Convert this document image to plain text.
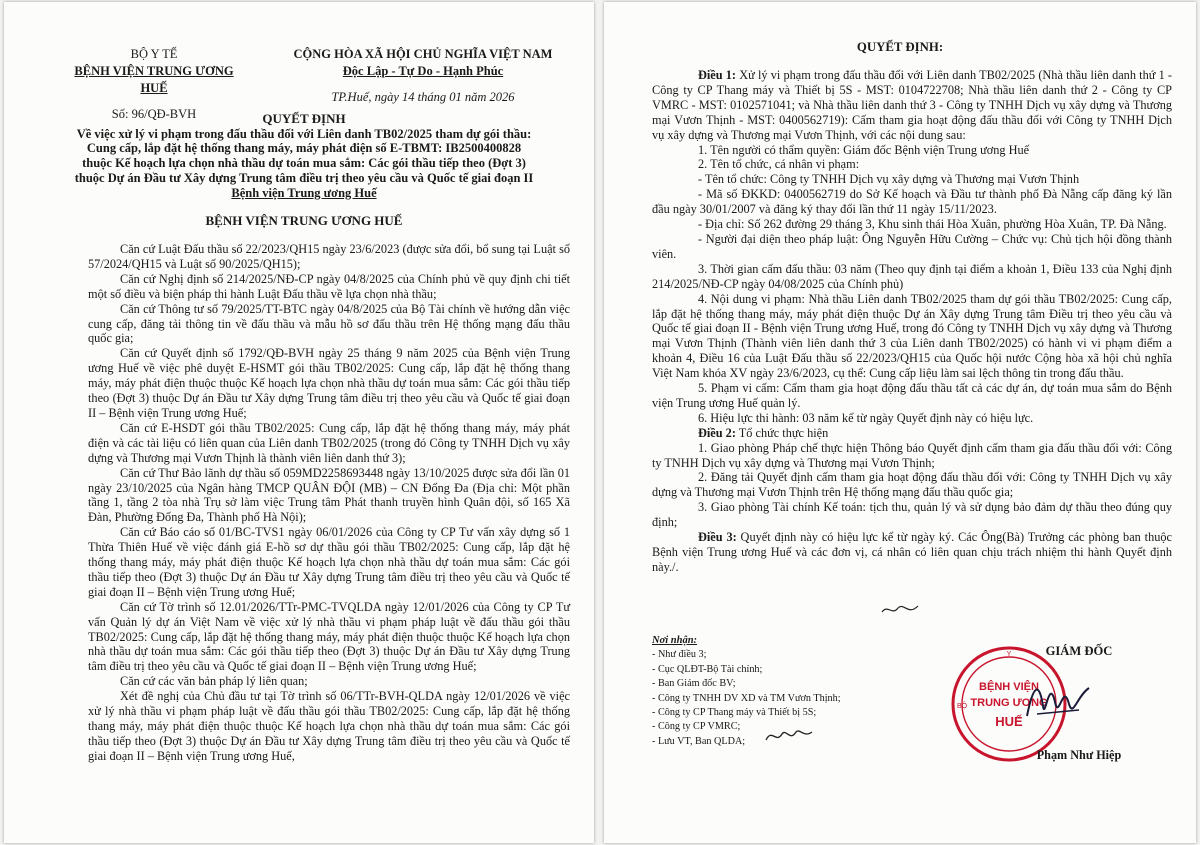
BỘ Y TẾ
BỆNH VIỆN TRUNG ƯƠNG HUẾ
Số: 96/QĐ-BVH
CỘNG HÒA XÃ HỘI CHỦ NGHĨA VIỆT NAM
Độc Lập - Tự Do - Hạnh Phúc
TP.Huế, ngày 14 tháng 01 năm 2026
QUYẾT ĐỊNH
Về việc xử lý vi phạm trong đấu thầu đối với Liên danh TB02/2025 tham dự gói thầu:
Cung cấp, lắp đặt hệ thống thang máy, máy phát điện số E-TBMT: IB2500400828
thuộc Kế hoạch lựa chọn nhà thầu dự toán mua sắm: Các gói thầu tiếp theo (Đợt 3)
thuộc Dự án Đầu tư Xây dựng Trung tâm điều trị theo yêu cầu và Quốc tế giai đoạn II
Bệnh viện Trung ương Huế
BỆNH VIỆN TRUNG ƯƠNG HUẾ

Căn cứ Luật Đấu thầu số 22/2023/QH15 ngày 23/6/2023 (được sửa đổi, bổ sung tại Luật số 57/2024/QH15 và Luật số 90/2025/QH15);

Căn cứ Nghị định số 214/2025/NĐ-CP ngày 04/8/2025 của Chính phủ về quy định chi tiết một số điều và biện pháp thi hành Luật Đấu thầu về lựa chọn nhà thầu;

Căn cứ Thông tư số 79/2025/TT-BTC ngày 04/8/2025 của Bộ Tài chính về hướng dẫn việc cung cấp, đăng tải thông tin về đấu thầu và mẫu hồ sơ đấu thầu trên Hệ thống mạng đấu thầu quốc gia;

Căn cứ Quyết định số 1792/QĐ-BVH ngày 25 tháng 9 năm 2025 của Bệnh viện Trung ương Huế về việc phê duyệt E-HSMT gói thầu TB02/2025: Cung cấp, lắp đặt hệ thống thang máy, máy phát điện thuộc thuộc Kế hoạch lựa chọn nhà thầu dự toán mua sắm: Các gói thầu tiếp theo (Đợt 3) thuộc Dự án Đầu tư Xây dựng Trung tâm điều trị theo yêu cầu và Quốc tế giai đoạn II – Bệnh viện Trung ương Huế;

Căn cứ E-HSDT gói thầu TB02/2025: Cung cấp, lắp đặt hệ thống thang máy, máy phát điện và các tài liệu có liên quan của Liên danh TB02/2025 (trong đó Công ty TNHH Dịch vụ xây dựng và Thương mại Vươn Thịnh là thành viên liên danh thứ 3);

Căn cứ Thư Bảo lãnh dự thầu số 059MD2258693448 ngày 13/10/2025 được sửa đổi lần 01 ngày 23/10/2025 của Ngân hàng TMCP QUÂN ĐỘI (MB) – CN Đống Đa (Địa chỉ: Một phần tầng 1, tầng 2 tòa nhà Trụ sở làm việc Trung tâm Phát thanh truyền hình Quân đội, số 165 Xã Đàn, Phường Đống Đa, Thành phố Hà Nội);

Căn cứ Báo cáo số 01/BC-TVS1 ngày 06/01/2026 của Công ty CP Tư vấn xây dựng số 1 Thừa Thiên Huế về việc đánh giá E-hồ sơ dự thầu gói thầu TB02/2025: Cung cấp, lắp đặt hệ thống thang máy, máy phát điện thuộc Kế hoạch lựa chọn nhà thầu dự toán mua sắm: Các gói thầu tiếp theo (Đợt 3) thuộc Dự án Đầu tư Xây dựng Trung tâm điều trị theo yêu cầu và Quốc tế giai đoạn II – Bệnh viện Trung ương Huế;

Căn cứ Tờ trình số 12.01/2026/TTr-PMC-TVQLDA ngày 12/01/2026 của Công ty CP Tư vấn Quản lý dự án Việt Nam về việc xử lý nhà thầu vi phạm pháp luật về đấu thầu gói thầu TB02/2025: Cung cấp, lắp đặt hệ thống thang máy, máy phát điện thuộc thuộc Kế hoạch lựa chọn nhà thầu dự toán mua sắm: Các gói thầu tiếp theo (Đợt 3) thuộc Dự án Đầu tư Xây dựng Trung tâm điều trị theo yêu cầu và Quốc tế giai đoạn II – Bệnh viện Trung ương Huế;

Căn cứ các văn bản pháp lý liên quan;

Xét đề nghị của Chủ đầu tư tại Tờ trình số 06/TTr-BVH-QLDA ngày 12/01/2026 về việc xử lý nhà thầu vi phạm pháp luật về đấu thầu gói thầu TB02/2025: Cung cấp, lắp đặt hệ thống thang máy, máy phát điện thuộc thuộc Kế hoạch lựa chọn nhà thầu dự toán mua sắm: Các gói thầu tiếp theo (Đợt 3) thuộc Dự án Đầu tư Xây dựng Trung tâm điều trị theo yêu cầu và Quốc tế giai đoạn II – Bệnh viện Trung ương Huế,

QUYẾT ĐỊNH:

Điều 1: Xử lý vi phạm trong đấu thầu đối với Liên danh TB02/2025 (Nhà thầu liên danh thứ 1 - Công ty CP Thang máy và Thiết bị 5S - MST: 0104722708; Nhà thầu liên danh thứ 2 - Công ty CP VMRC - MST: 0102571041; và Nhà thầu liên danh thứ 3 - Công ty TNHH Dịch vụ xây dựng và Thương mại Vươn Thịnh - MST: 0400562719): Cấm tham gia hoạt động đấu thầu đối với Công ty TNHH Dịch vụ xây dựng và Thương mại Vươn Thịnh, với các nội dung sau:

1. Tên người có thẩm quyền: Giám đốc Bệnh viện Trung ương Huế

2. Tên tổ chức, cá nhân vi phạm:

- Tên tổ chức: Công ty TNHH Dịch vụ xây dựng và Thương mại Vươn Thịnh

- Mã số ĐKKD: 0400562719 do Sở Kế hoạch và Đầu tư thành phố Đà Nẵng cấp đăng ký lần đầu ngày 30/01/2007 và đăng ký thay đổi lần thứ 11 ngày 15/11/2023.

- Địa chỉ: Số 262 đường 29 tháng 3, Khu sinh thái Hòa Xuân, phường Hòa Xuân, TP. Đà Nẵng.

- Người đại diện theo pháp luật: Ông Nguyễn Hữu Cường – Chức vụ: Chủ tịch hội đồng thành viên.

3. Thời gian cấm đấu thầu: 03 năm (Theo quy định tại điểm a khoản 1, Điều 133 của Nghị định 214/2025/NĐ-CP ngày 04/08/2025 của Chính phủ)

4. Nội dung vi phạm: Nhà thầu Liên danh TB02/2025 tham dự gói thầu TB02/2025: Cung cấp, lắp đặt hệ thống thang máy, máy phát điện thuộc Dự án Xây dựng Trung tâm Điều trị theo yêu cầu và Quốc tế giai đoạn II - Bệnh viện Trung ương Huế, trong đó Công ty TNHH Dịch vụ xây dựng và Thương mại Vươn Thịnh (Thành viên liên danh thứ 3 của Liên danh TB02/2025) có hành vi vi phạm điểm a khoản 4, Điều 16 của Luật Đấu thầu số 22/2023/QH15 của Quốc hội nước Cộng hòa xã hội chủ nghĩa Việt Nam khóa XV ngày 23/6/2023, cụ thể: Cung cấp liệu làm sai lệch thông tin trong đấu thầu.

5. Phạm vi cấm: Cấm tham gia hoạt động đấu thầu tất cả các dự án, dự toán mua sắm do Bệnh viện Trung ương Huế quản lý.

6. Hiệu lực thi hành: 03 năm kể từ ngày Quyết định này có hiệu lực.

Điều 2: Tổ chức thực hiện

1. Giao phòng Pháp chế thực hiện Thông báo Quyết định cấm tham gia đấu thầu đối với: Công ty TNHH Dịch vụ xây dựng và Thương mại Vươn Thịnh;

2. Đăng tải Quyết định cấm tham gia hoạt động đấu thầu đối với: Công ty TNHH Dịch vụ xây dựng và Thương mại Vươn Thịnh trên Hệ thống mạng đấu thầu quốc gia;

3. Giao phòng Tài chính Kế toán: tịch thu, quản lý và sử dụng bảo đảm dự thầu theo đúng quy định;

Điều 3: Quyết định này có hiệu lực kể từ ngày ký. Các Ông(Bà) Trưởng các phòng ban thuộc Bệnh viện Trung ương Huế và các đơn vị, cá nhân có liên quan chịu trách nhiệm thi hành Quyết định này./.

Nơi nhận:
- Như điều 3;
- Cục QLĐT-Bộ Tài chính;
- Ban Giám đốc BV;
- Công ty TNHH DV XD và TM Vươn Thịnh;
- Công ty CP Thang máy và Thiết bị 5S;
- Công ty CP VMRC;
- Lưu VT, Ban QLDA;
Y
BỆNH VIỆN
TRUNG ƯƠNG
HUẾ
BỘ
GIÁM ĐỐC
Phạm Như Hiệp
